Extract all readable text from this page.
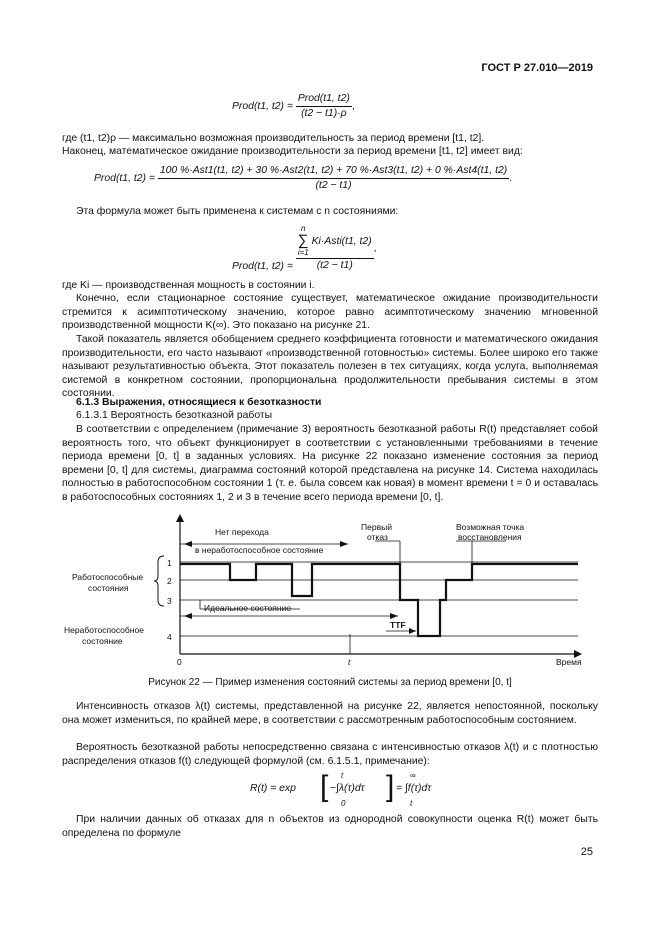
ГОСТ Р 27.010—2019
Prod(t1, $t2) = \frac{\text{Prod(t1, t2)}}{(t2 - t1)\cdot\rho}$ ,
где (t1, t2)ρ — максимально возможная производительность за период времени [t1, t2].
Наконец, математическое ожидание производительности за период времени [t1, t2] имеет вид:
Prod(t1, t2) =
100 %·Ast1(t1, t2) + 30 %·Ast2(t1, t2) + 70 %·Ast3(t1, t2) + 0 %·Ast4(t1, t2)
(t2 − t1)
.
Эта формула может быть применена к системам с n состояниями:
Prod(t1, t2) = n
∑
i=1
Ki·Asti(t1, t2)
(t2 − t1) ,
где Ki — производственная мощность в состоянии i.
Конечно, если стационарное состояние существует, математическое ожидание производительности стремится к асимптотическому значению, которое равно асимптотическому значению мгновенной производственной мощности K(∞). Это показано на рисунке 21.
Такой показатель является обобщением среднего коэффициента готовности и математического ожидания производительности, его часто называют «производственной готовностью» системы. Более широко его также называют результативностью объекта. Этот показатель полезен в тех ситуациях, когда услуга, выполняемая системой в конкретном состоянии, пропорциональна продолжительности пребывания системы в этом состоянии.
6.1.3 Выражения, относящиеся к безотказности
6.1.3.1 Вероятность безотказной работы
В соответствии с определением (примечание 3) вероятность безотказной работы R(t) представляет собой вероятность того, что объект функционирует в соответствии с установленными требованиями в течение периода времени [0, t] в заданных условиях. На рисунке 22 показано изменение состояния за период времени [0, t] для системы, диаграмма состояний которой представлена на рисунке 14. Система находилась полностью в работоспособном состоянии 1 (т. е. была совсем как новая) в момент времени t = 0 и оставалась в работоспособных состояниях 1, 2 и 3 в течение всего периода времени [0, t].
Нет перехода
в неработоспособное состояние
Первый
отказ
Возможная точка
восстановления
Работоспособные
состояния
Неработоспособное
состояние
Идеальное состояние
TTF
Время
1
2
3
4
0	t
Рисунок 22 — Пример изменения состояний системы за период времени [0, t]
Интенсивность отказов λ(t) системы, представленной на рисунке 22, является непостоянной, поскольку она может измениться, по крайней мере, в соответствии с рассмотренным работоспособным состоянием.
Вероятность безотказной работы непосредственно связана с интенсивностью отказов λ(t) и с плотностью распределения отказов f(t) следующей формулой (см. 6.1.5.1, примечание):
R(t) = exp [ t
0
−∫λ(τ)dτ ] ∞
t
= ∫f(τ)dτ
При наличии данных об отказах для n объектов из однородной совокупности оценка R(t) может быть определена по формуле
25
